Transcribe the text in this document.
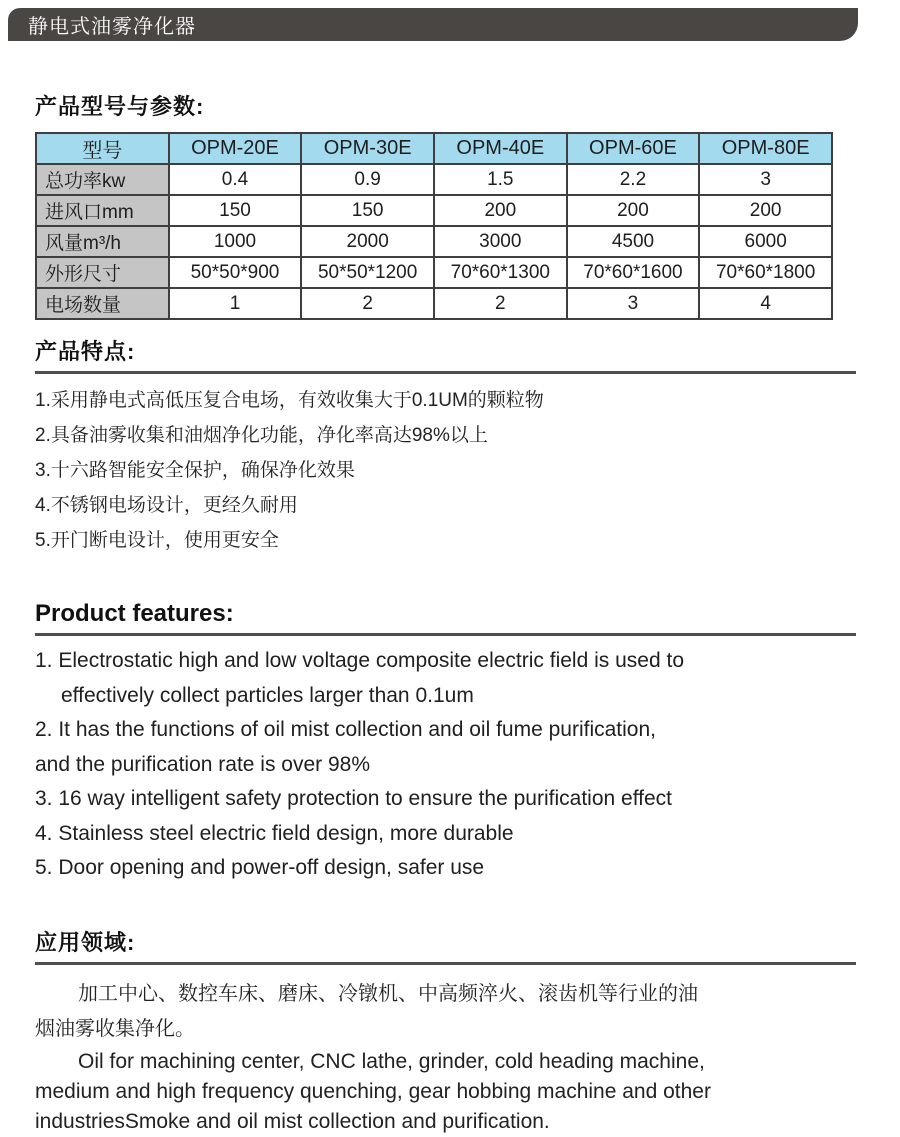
静电式油雾净化器
产品型号与参数:
型号	OPM-20E	OPM-30E	OPM-40E	OPM-60E	OPM-80E
总功率kw	0.4	0.9	1.5	2.2	3
进风口mm	150	150	200	200	200
风量m³/h	1000	2000	3000	4500	6000
外形尺寸	50*50*900	50*50*1200	70*60*1300	70*60*1600	70*60*1800
电场数量	1	2	2	3	4
产品特点:
1.采用静电式高低压复合电场，有效收集大于0.1UM的颗粒物
2.具备油雾收集和油烟净化功能，净化率高达98%以上
3.十六路智能安全保护，确保净化效果
4.不锈钢电场设计，更经久耐用
5.开门断电设计，使用更安全
Product features:
1. Electrostatic high and low voltage composite electric field is used to
effectively collect particles larger than 0.1um
2. It has the functions of oil mist collection and oil fume purification,
and the purification rate is over 98%
3. 16 way intelligent safety protection to ensure the purification effect
4. Stainless steel electric field design, more durable
5. Door opening and power-off design, safer use
应用领域:
加工中心、数控车床、磨床、冷镦机、中高频淬火、滚齿机等行业的油
烟油雾收集净化。
Oil for machining center, CNC lathe, grinder, cold heading machine,
medium and high frequency quenching, gear hobbing machine and other
industriesSmoke and oil mist collection and purification.
